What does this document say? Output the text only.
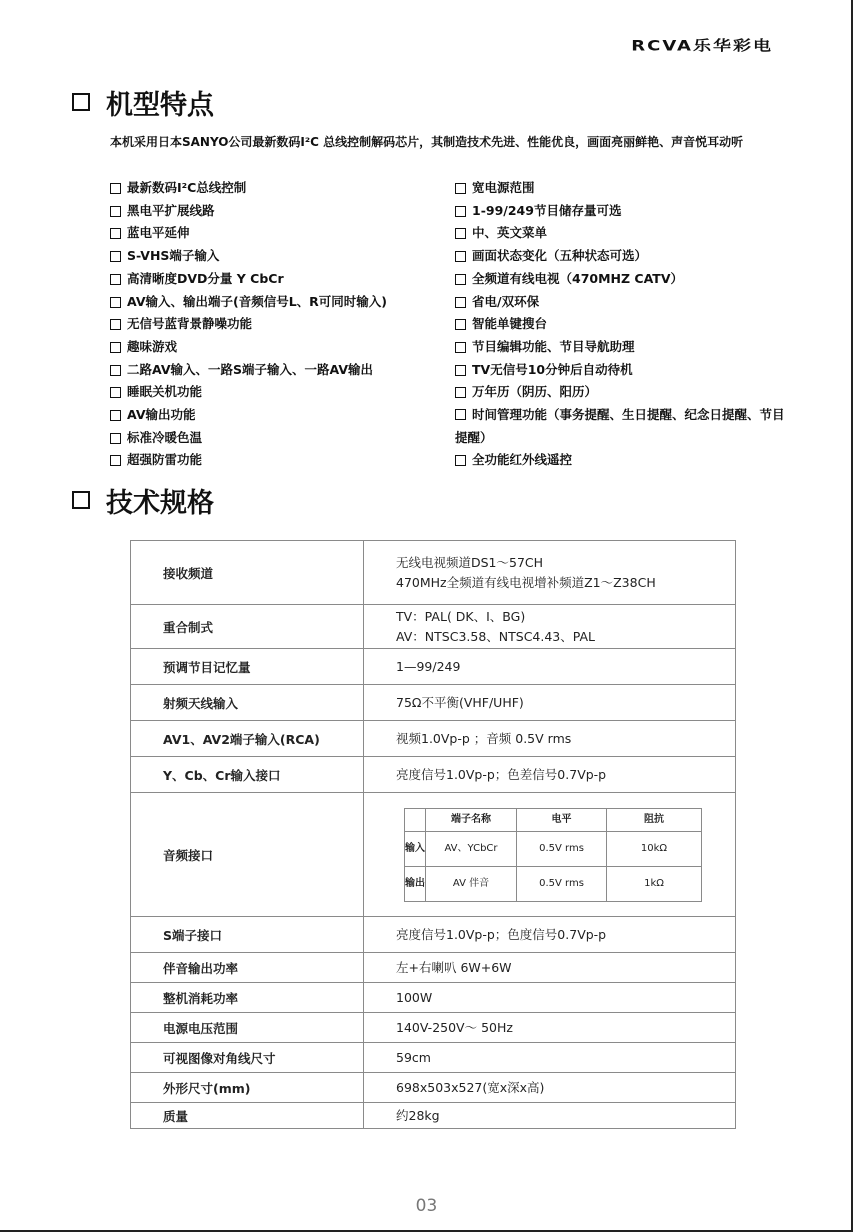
RCVA乐华彩电
机型特点
本机采用日本SANYO公司最新数码I²C 总线控制解码芯片，其制造技术先进、性能优良，画面亮丽鲜艳、声音悦耳动听
最新数码I²C总线控制
黑电平扩展线路
蓝电平延伸
S-VHS端子输入
高清晰度DVD分量 Y CbCr
AV输入、输出端子(音频信号L、R可同时输入)
无信号蓝背景静噪功能
趣味游戏
二路AV输入、一路S端子输入、一路AV输出
睡眠关机功能
AV输出功能
标准冷暖色温
超强防雷功能
宽电源范围
1-99/249节目储存量可选
中、英文菜单
画面状态变化（五种状态可选）
全频道有线电视（470MHZ CATV）
省电/双环保
智能单键搜台
节目编辑功能、节目导航助理
TV无信号10分钟后自动待机
万年历（阴历、阳历）
时间管理功能（事务提醒、生日提醒、纪念日提醒、节目提醒）
全功能红外线遥控
技术规格
接收频道	
无线电视频道DS1～57CH
470MHz全频道有线电视增补频道Z1～Z38CH

重合制式	
TV：PAL( DK、I、BG)
AV：NTSC3.58、NTSC4.43、PAL

预调节目记忆量	1—99/249

射频天线输入	75Ω不平衡(VHF/UHF)

AV1、AV2端子输入(RCA)	视频1.0Vp-p ；音频 0.5V rms

Y、Cb、Cr输入接口	亮度信号1.0Vp-p；色差信号0.7Vp-p

音频接口	
	端子名称	电平	阻抗
输入	AV、YCbCr	0.5V rms	10kΩ
输出	AV 伴音	0.5V rms	1kΩ

S端子接口	亮度信号1.0Vp-p；色度信号0.7Vp-p

伴音输出功率	左+右喇叭 6W+6W

整机消耗功率	100W

电源电压范围	140V-250V～ 50Hz

可视图像对角线尺寸	59cm

外形尺寸(mm)	698x503x527(宽x深x高)

质量	约28kg
03
